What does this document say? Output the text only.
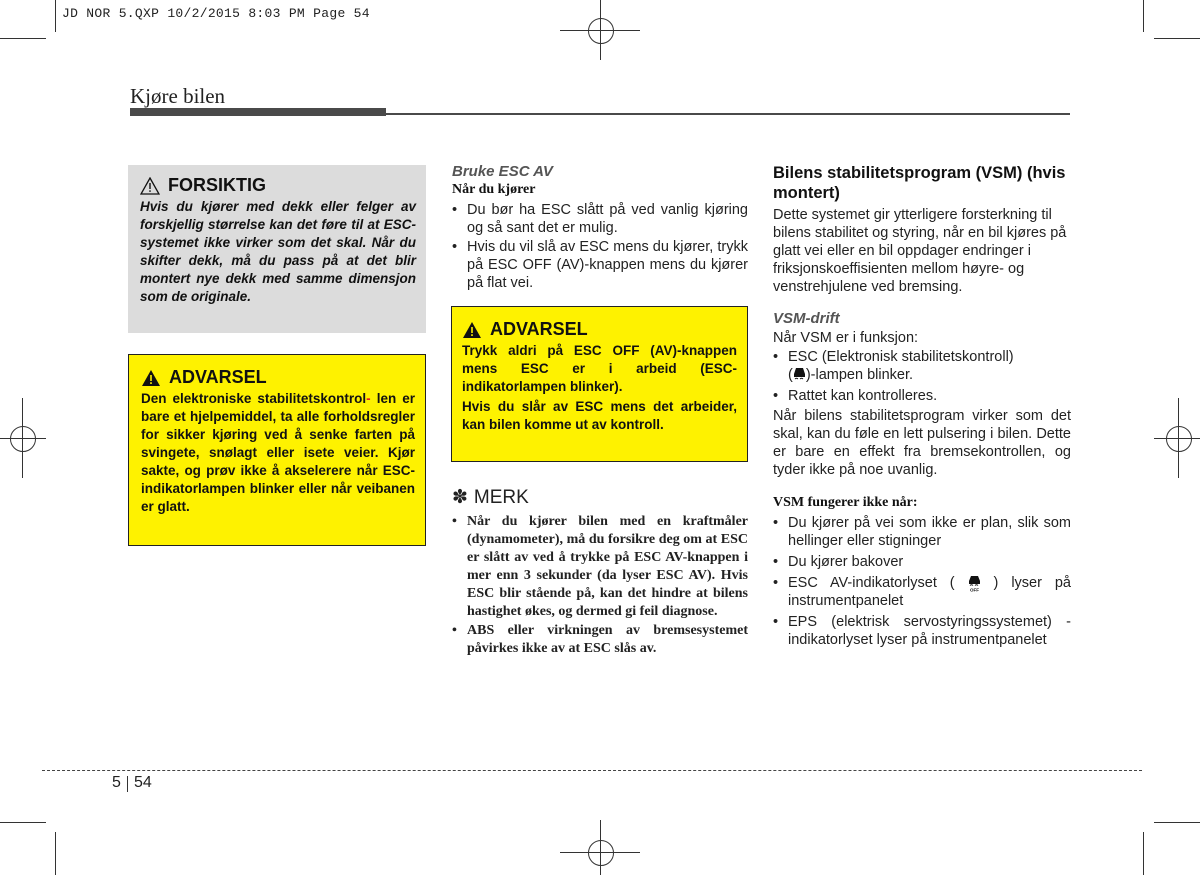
JD NOR 5.QXP 10/2/2015 8:03 PM Page 54
Kjøre bilen
FORSIKTIG
Hvis du kjører med dekk eller felger av forskjellig størrelse kan det føre til at ESC-systemet ikke virker som det skal. Når du skifter dekk, må du pass på at det blir montert nye dekk med samme dimensjon som de originale.
ADVARSEL
Den elektroniske stabilitetskontrol- len er bare et hjelpemiddel, ta alle forholdsregler for sikker kjøring ved å senke farten på svingete, snølagt eller isete veier. Kjør sakte, og prøv ikke å akselerere når ESC-indikatorlampen blinker eller når veibanen er glatt.
Bruke ESC AV
Når du kjører
• Du bør ha ESC slått på ved vanlig kjøring og så sant det er mulig.
• Hvis du vil slå av ESC mens du kjører, trykk på ESC OFF (AV)-knappen mens du kjører på flat vei.
ADVARSEL
Trykk aldri på ESC OFF (AV)-knappen mens ESC er i arbeid (ESC-indikatorlampen blinker).
Hvis du slår av ESC mens det arbeider, kan bilen komme ut av kontroll.
✽ MERK
• Når du kjører bilen med en kraftmåler (dynamometer), må du forsikre deg om at ESC er slått av ved å trykke på ESC AV-knappen i mer enn 3 sekunder (da lyser ESC AV). Hvis ESC blir stående på, kan det hindre at bilens hastighet økes, og dermed gi feil diagnose.
• ABS eller virkningen av bremsesystemet påvirkes ikke av at ESC slås av.
Bilens stabilitetsprogram (VSM) (hvis montert)
Dette systemet gir ytterligere forsterkning til bilens stabilitet og styring, når en bil kjøres på glatt vei eller en bil oppdager endringer i friksjonskoeffisienten mellom høyre- og venstrehjulene ved bremsing.
VSM-drift
Når VSM er i funksjon:
• ESC (Elektronisk stabilitetskontroll)
( )-lampen blinker.
• Rattet kan kontrolleres.
Når bilens stabilitetsprogram virker som det skal, kan du føle en lett pulsering i bilen. Dette er bare en effekt fra bremsekontrollen, og tyder ikke på noe uvanlig.
VSM fungerer ikke når:
• Du kjører på vei som ikke er plan, slik som hellinger eller stigninger
• Du kjører bakover
• ESC AV-indikatorlyset (	OFF ) lyser på instrumentpanelet
• EPS (elektrisk servostyringssystemet) -indikatorlyset lyser på instrumentpanelet
5 54
